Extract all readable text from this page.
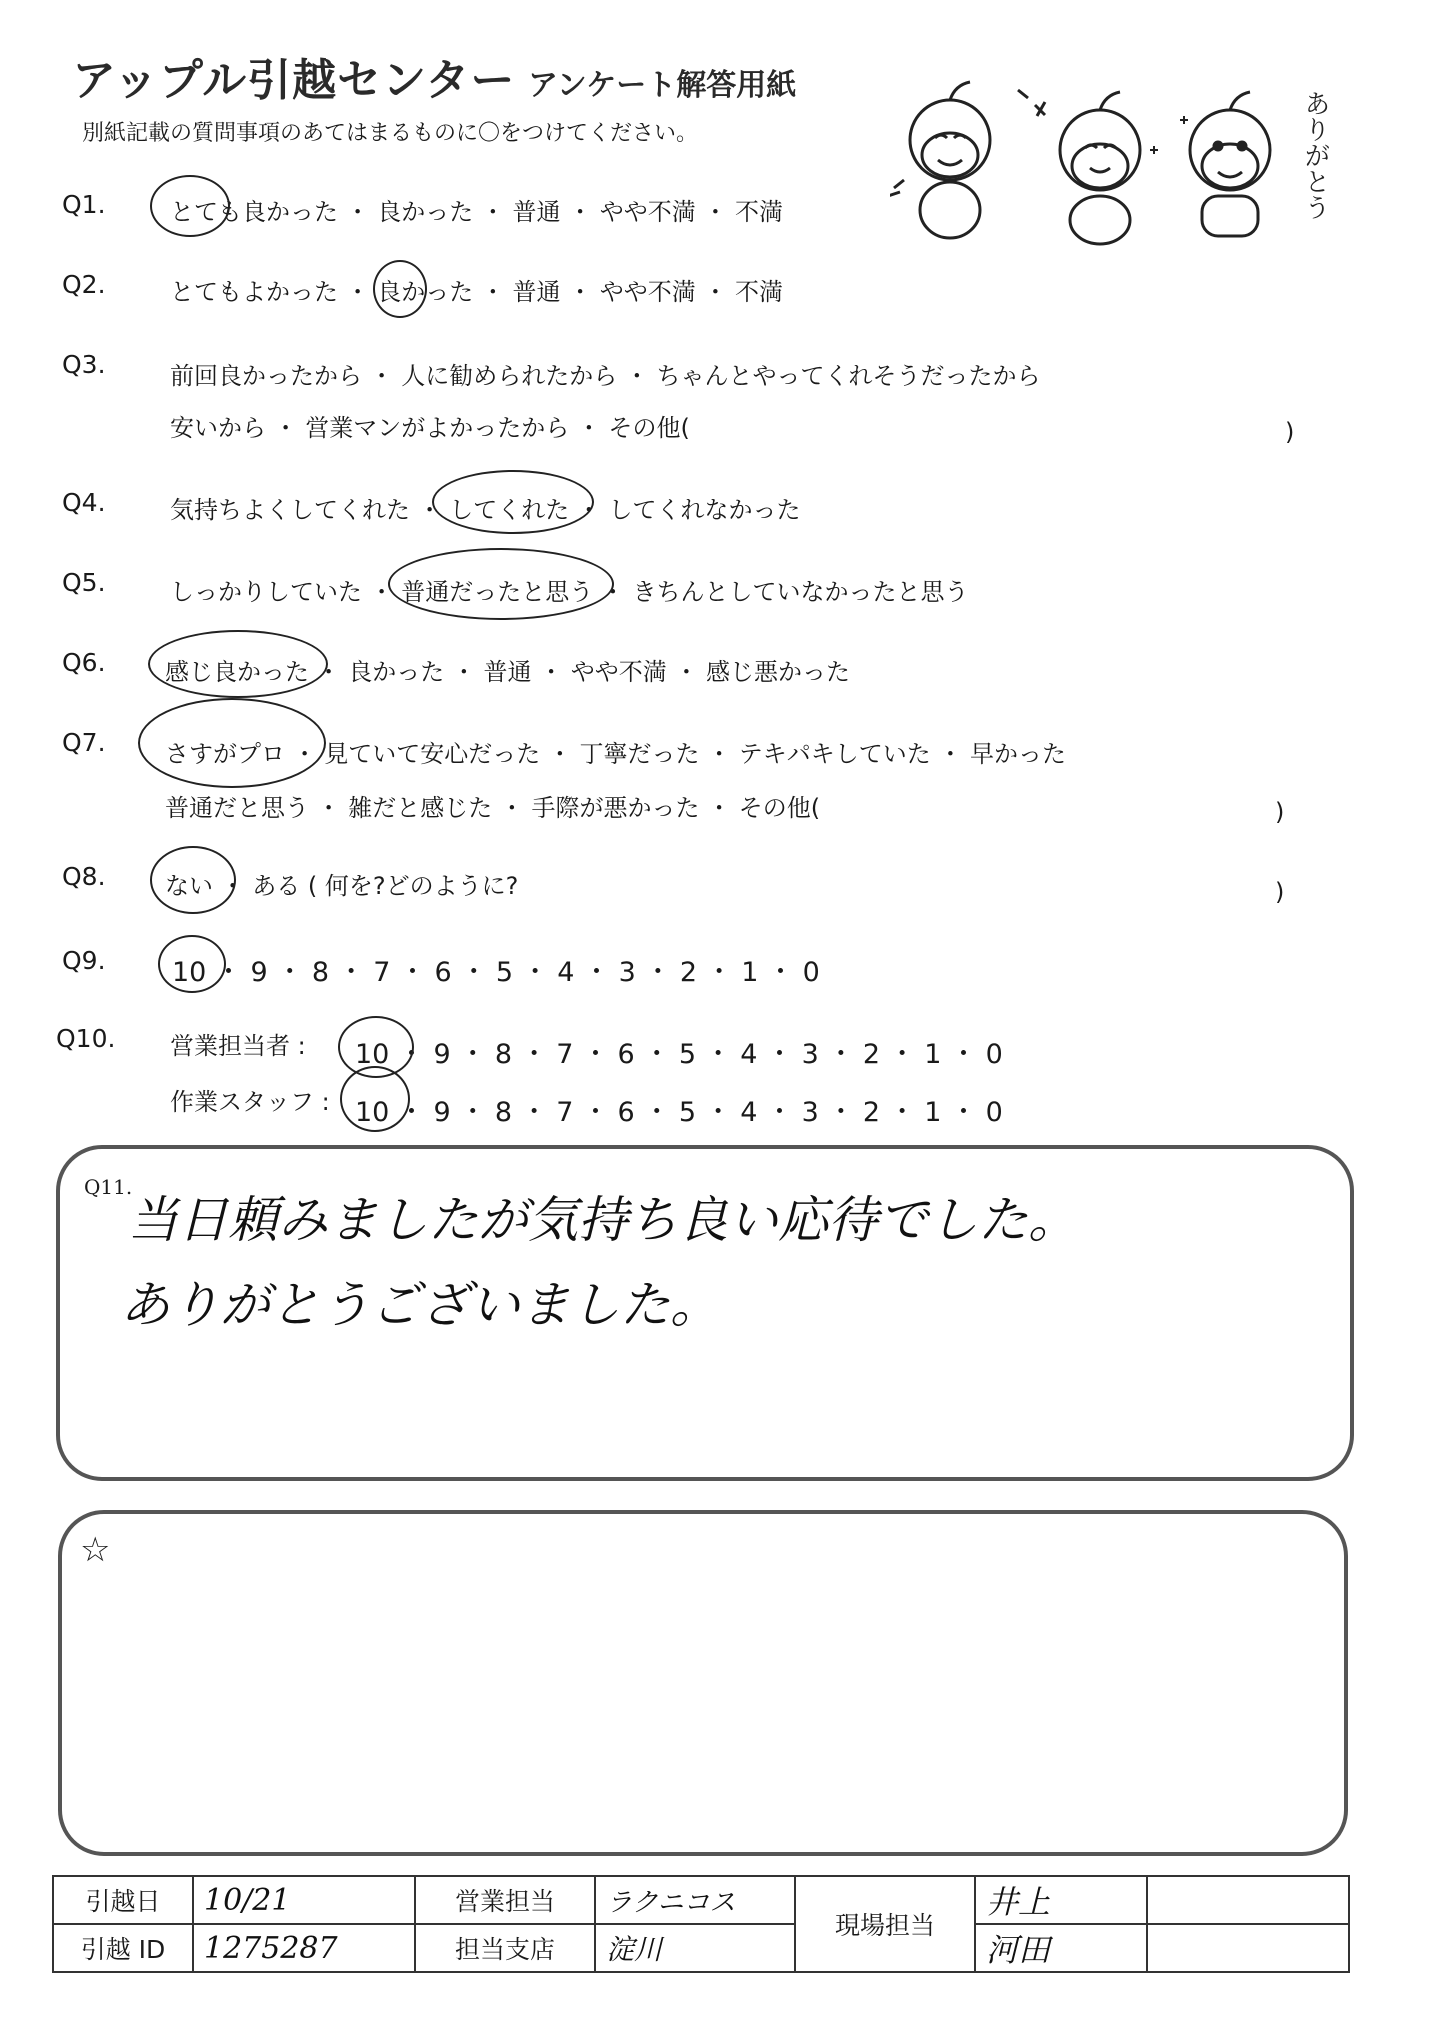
アップル引越センター アンケート解答用紙
別紙記載の質問事項のあてはまるものに〇をつけてください。	ありがとう
Q1.	とても良かった ・ 良かった ・ 普通 ・ やや不満 ・ 不満
Q2.	とてもよかった ・ 良かった ・ 普通 ・ やや不満 ・ 不満
Q3.	前回良かったから ・ 人に勧められたから ・ ちゃんとやってくれそうだったから
安いから ・ 営業マンがよかったから ・ その他(	)
Q4.	気持ちよくしてくれた ・ してくれた ・ してくれなかった
Q5.	しっかりしていた ・ 普通だったと思う ・ きちんとしていなかったと思う
Q6. 感じ良かった ・ 良かった ・ 普通 ・ やや不満 ・ 感じ悪かった
Q7. さすがプロ ・ 見ていて安心だった ・ 丁寧だった ・ テキパキしていた ・ 早かった
普通だと思う ・ 雑だと感じた ・ 手際が悪かった ・ その他(	)
Q8. ない ・ ある ( 何を?どのように?	)
Q9. 10 ・ 9 ・ 8 ・ 7 ・ 6 ・ 5 ・ 4 ・ 3 ・ 2 ・ 1 ・ 0
Q10. 営業担当者 : 10 ・ 9 ・ 8 ・ 7 ・ 6 ・ 5 ・ 4 ・ 3 ・ 2 ・ 1 ・ 0
作業スタッフ : 10 ・ 9 ・ 8 ・ 7 ・ 6 ・ 5 ・ 4 ・ 3 ・ 2 ・ 1 ・ 0
Q11.
当日頼みましたが気持ち良い応待でした。
ありがとうございました。
☆
引越日	10/21	営業担当	ラクニコス	現場担当	井上	
引越 ID	1275287	担当支店	淀川		河田	
